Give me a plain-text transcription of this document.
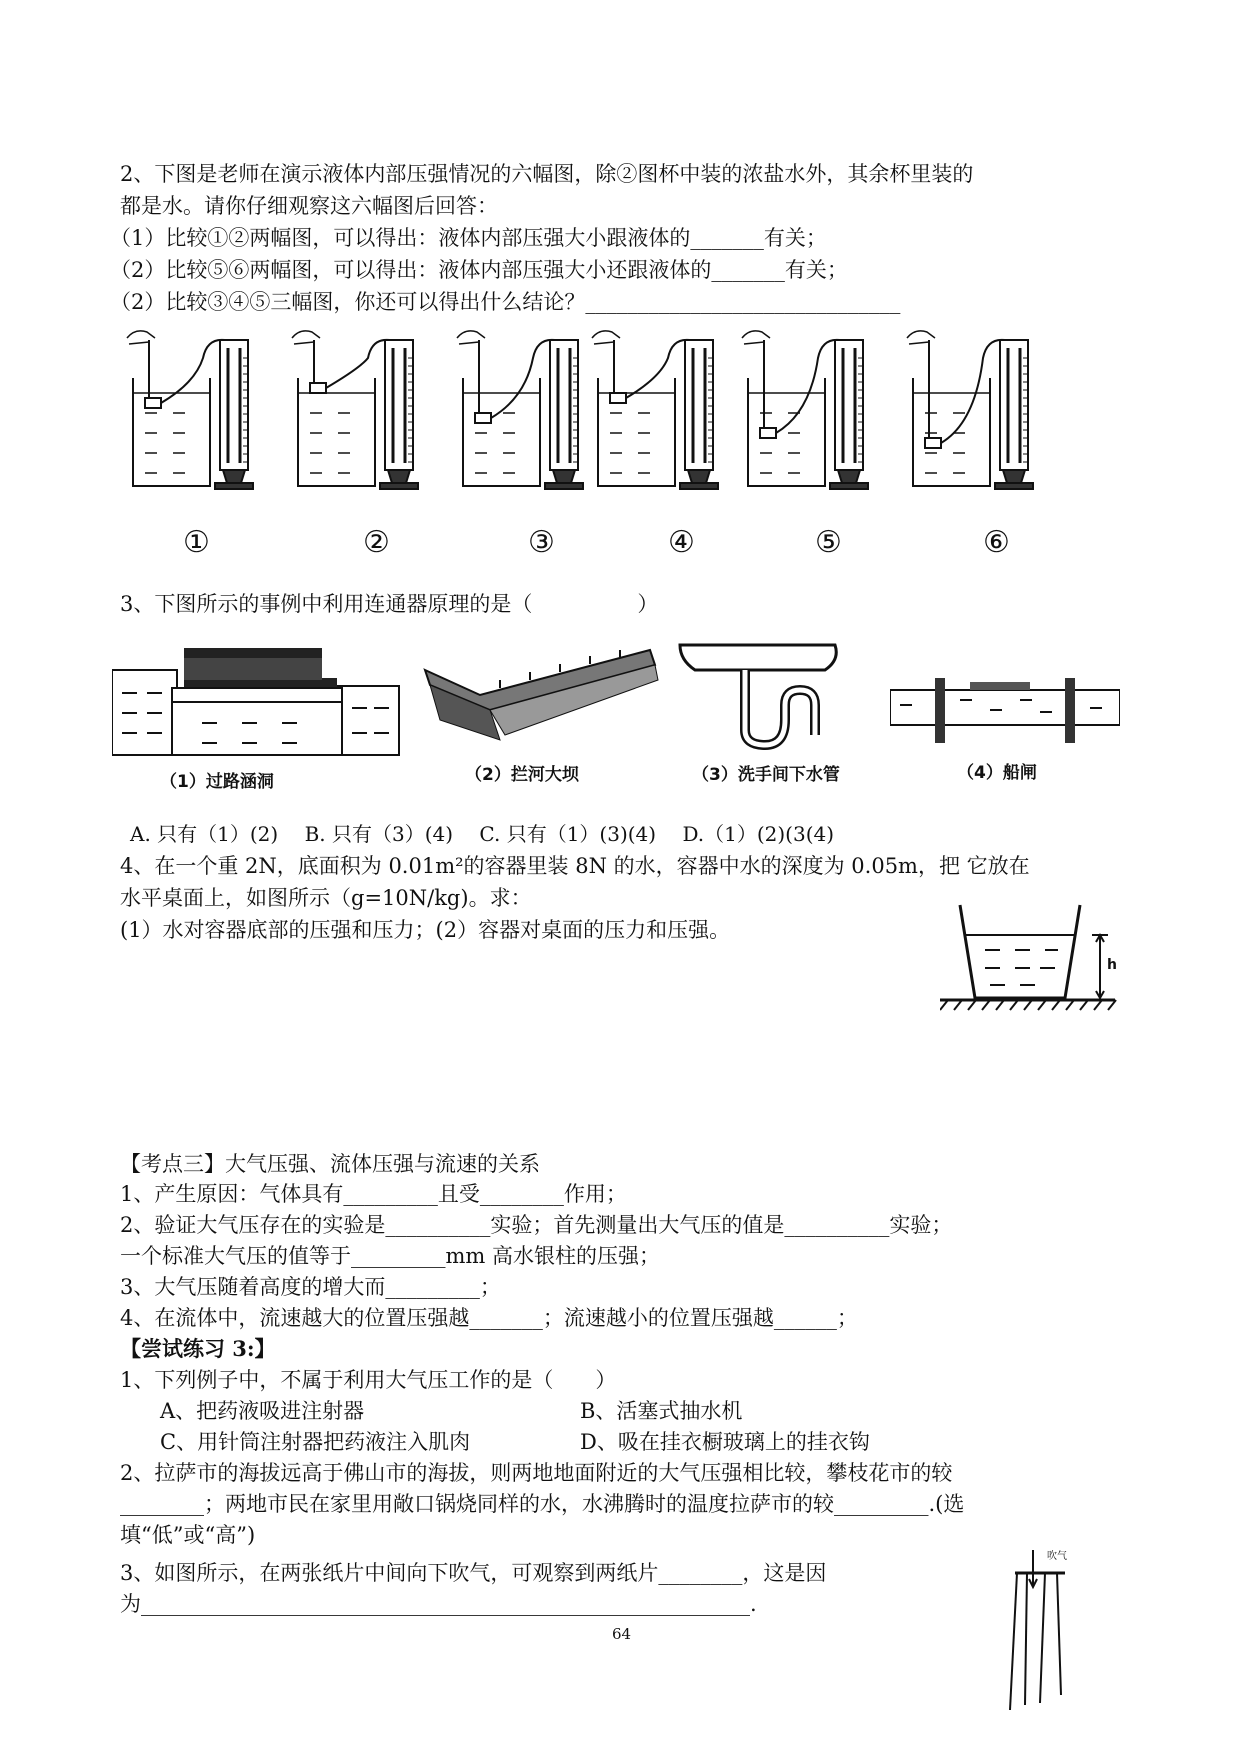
2、下图是老师在演示液体内部压强情况的六幅图，除②图杯中装的浓盐水外，其余杯里装的
都是水。请你仔细观察这六幅图后回答：
（1）比较①②两幅图，可以得出：液体内部压强大小跟液体的_______有关；
（2）比较⑤⑥两幅图，可以得出：液体内部压强大小还跟液体的_______有关；
（2）比较③④⑤三幅图，你还可以得出什么结论？______________________________
①	②	③	④	⑤	⑥
3、下图所示的事例中利用连通器原理的是（　　　　　）
（1）过路涵洞	（2）拦河大坝	（3）洗手间下水管	（4）船闸
A. 只有（1）(2)　 B. 只有（3）(4)　 C. 只有（1）(3)(4)　 D.（1）(2)(3(4)
4、在一个重 2N，底面积为 0.01m²的容器里装 8N 的水，容器中水的深度为 0.05m，把 它放在
水平桌面上，如图所示（g=10N/kg)。求：
(1）水对容器底部的压强和压力；(2）容器对桌面的压力和压强。
h
【考点三】大气压强、流体压强与流速的关系
1、产生原因：气体具有_________且受________作用；
2、验证大气压存在的实验是__________实验；首先测量出大气压的值是__________实验；
一个标准大气压的值等于_________mm 高水银柱的压强；
3、大气压随着高度的增大而_________；
4、在流体中，流速越大的位置压强越_______；流速越小的位置压强越______；
【尝试练习 3:】
1、下列例子中，不属于利用大气压工作的是（　　）
A、把药液吸进注射器	B、活塞式抽水机
C、用针筒注射器把药液注入肌肉	D、吸在挂衣橱玻璃上的挂衣钩
2、拉萨市的海拔远高于佛山市的海拔，则两地地面附近的大气压强相比较，攀枝花市的较
________；两地市民在家里用敞口锅烧同样的水，水沸腾时的温度拉萨市的较_________.(选
填“低”或“高”)
3、如图所示，在两张纸片中间向下吹气，可观察到两纸片________，这是因
为__________________________________________________________.
吹气
64
